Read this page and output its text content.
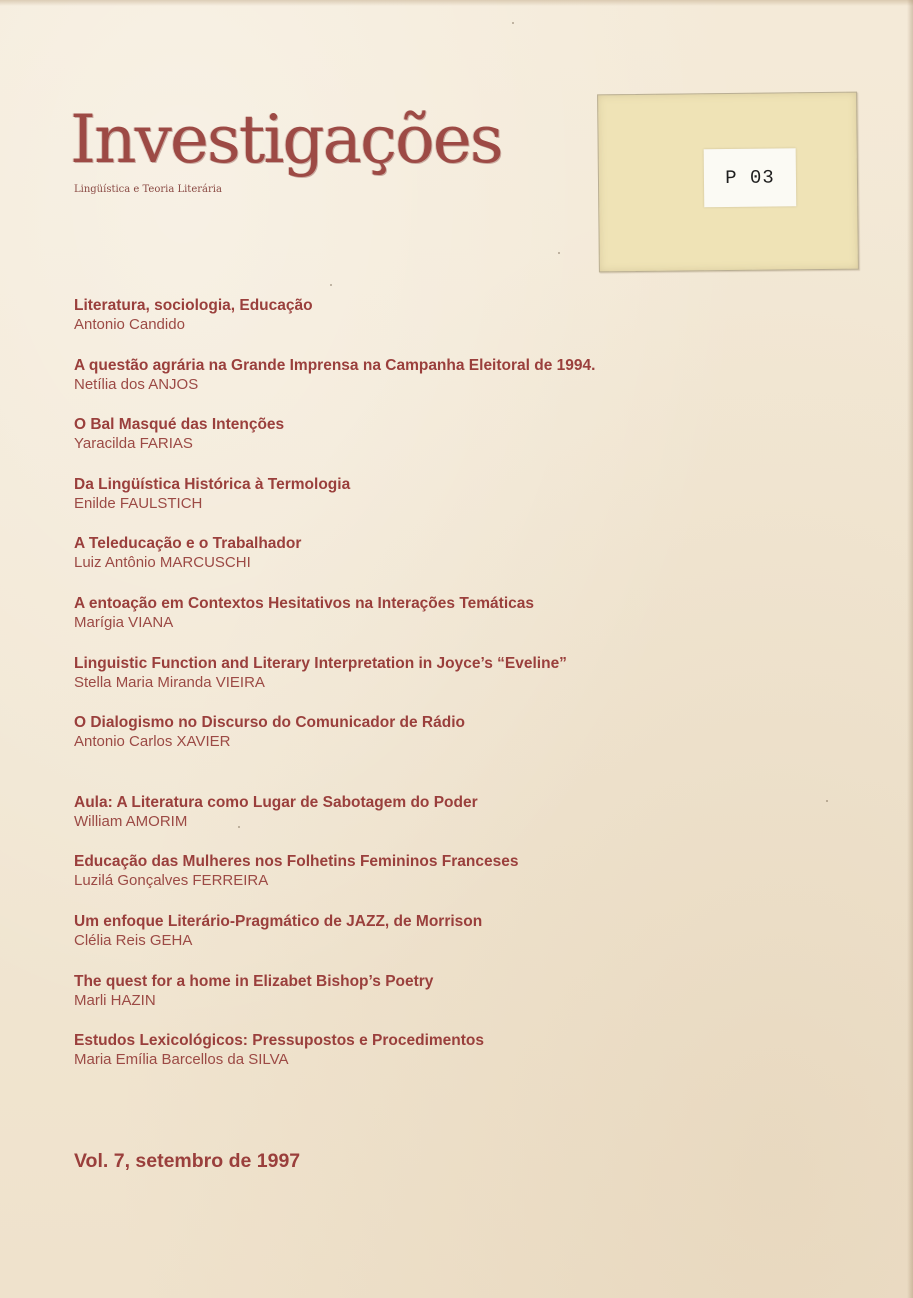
Investigações
Lingüística e Teoria Literária
P 03
Literatura, sociologia, Educação
Antonio Candido
A questão agrária na Grande Imprensa na Campanha Eleitoral de 1994.
Netília dos ANJOS
O Bal Masqué das Intenções
Yaracilda FARIAS
Da Lingüística Histórica à Termologia
Enilde FAULSTICH
A Teleducação e o Trabalhador
Luiz Antônio MARCUSCHI
A entoação em Contextos Hesitativos na Interações Temáticas
Marígia VIANA
Linguistic Function and Literary Interpretation in Joyce’s “Eveline”
Stella Maria Miranda VIEIRA
O Dialogismo no Discurso do Comunicador de Rádio
Antonio Carlos XAVIER
Aula: A Literatura como Lugar de Sabotagem do Poder
William AMORIM
Educação das Mulheres nos Folhetins Femininos Franceses
Luzilá Gonçalves FERREIRA
Um enfoque Literário-Pragmático de JAZZ, de Morrison
Clélia Reis GEHA
The quest for a home in Elizabet Bishop’s Poetry
Marli HAZIN
Estudos Lexicológicos: Pressupostos e Procedimentos
Maria Emília Barcellos da SILVA
Vol. 7, setembro de 1997
